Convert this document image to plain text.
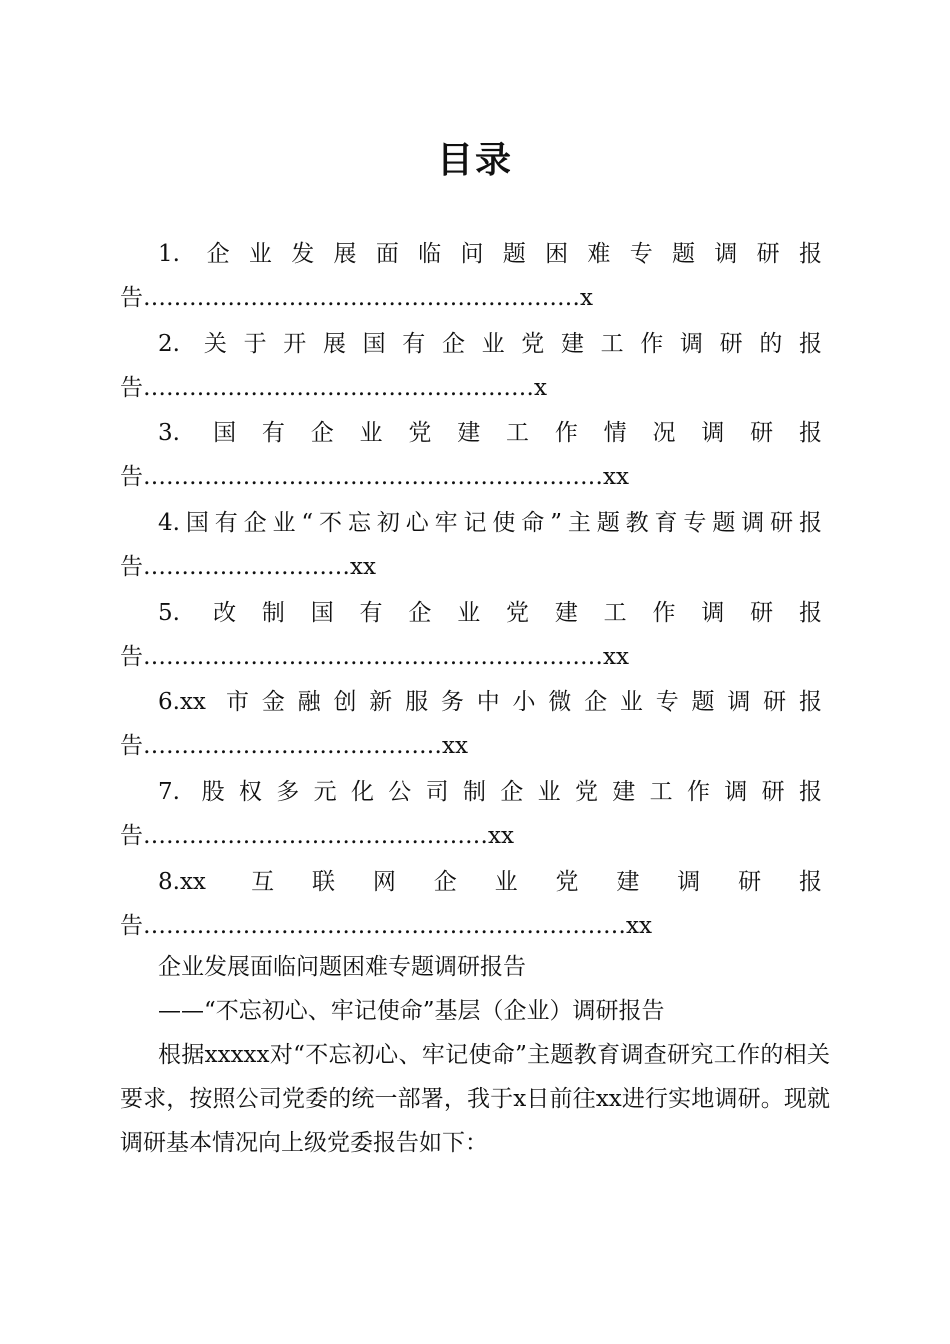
目录
1. 企业发展面临问题困难专题调研报
告…………………………………………………x
2. 关于开展国有企业党建工作调研的报
告……………………………………………x
3. 国有企业党建工作情况调研报
告……………………………………………………xx
4.国有企业“不忘初心牢记使命”主题教育专题调研报
告………………………xx
5. 改制国有企业党建工作调研报
告……………………………………………………xx
6.xx 市金融创新服务中小微企业专题调研报
告…………………………………xx
7. 股权多元化公司制企业党建工作调研报
告………………………………………xx
8.xx 互联网企业党建调研报
告………………………………………………………xx

企业发展面临问题困难专题调研报告

——“不忘初心、牢记使命”基层（企业）调研报告

根据xxxxx对“不忘初心、牢记使命”主题教育调查研究工作的相关要求，按照公司党委的统一部署，我于x日前往xx进行实地调研。现就调研基本情况向上级党委报告如下：
